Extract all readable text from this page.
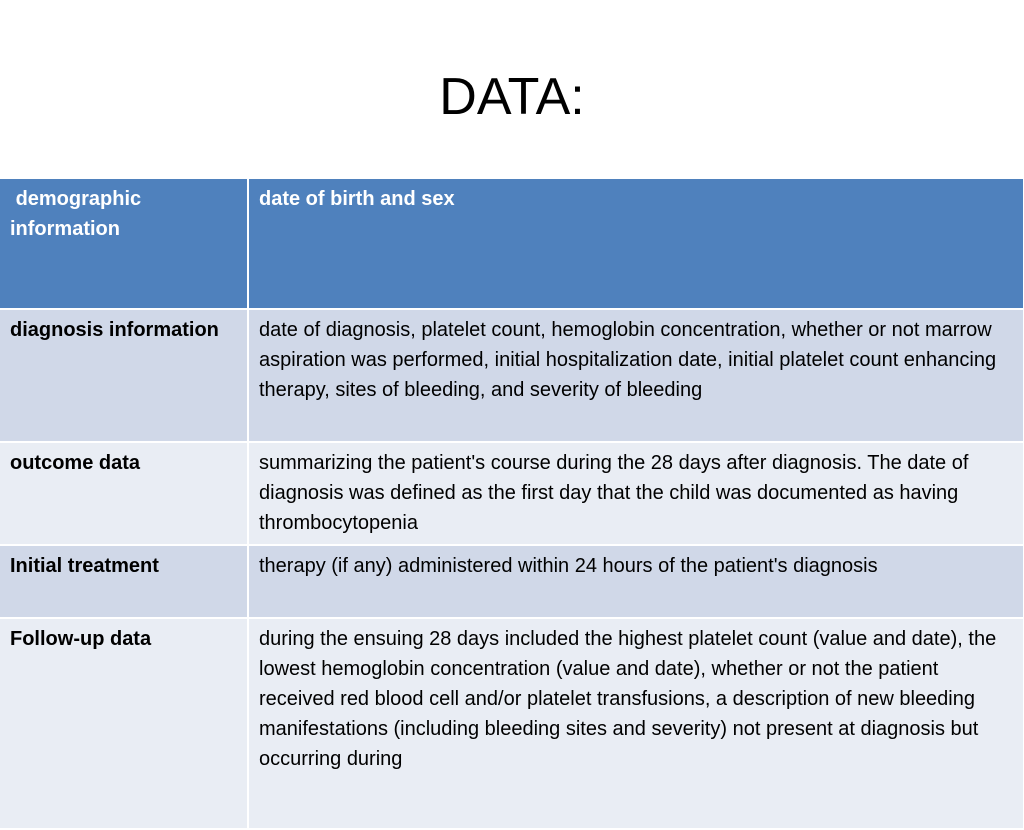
DATA:
demographic information	date of birth and sex
diagnosis information	date of diagnosis, platelet count, hemoglobin concentration, whether or not marrow aspiration was performed, initial hospitalization date, initial platelet count enhancing therapy, sites of bleeding, and severity of bleeding
outcome data	summarizing the patient's course during the 28 days after diagnosis. The date of diagnosis was defined as the first day that the child was documented as having thrombocytopenia
Initial treatment	therapy (if any) administered within 24 hours of the patient's diagnosis
Follow-up data	during the ensuing 28 days included the highest platelet count (value and date), the lowest hemoglobin concentration (value and date), whether or not the patient received red blood cell and/or platelet transfusions, a description of new bleeding manifestations (including bleeding sites and severity) not present at diagnosis but occurring during
